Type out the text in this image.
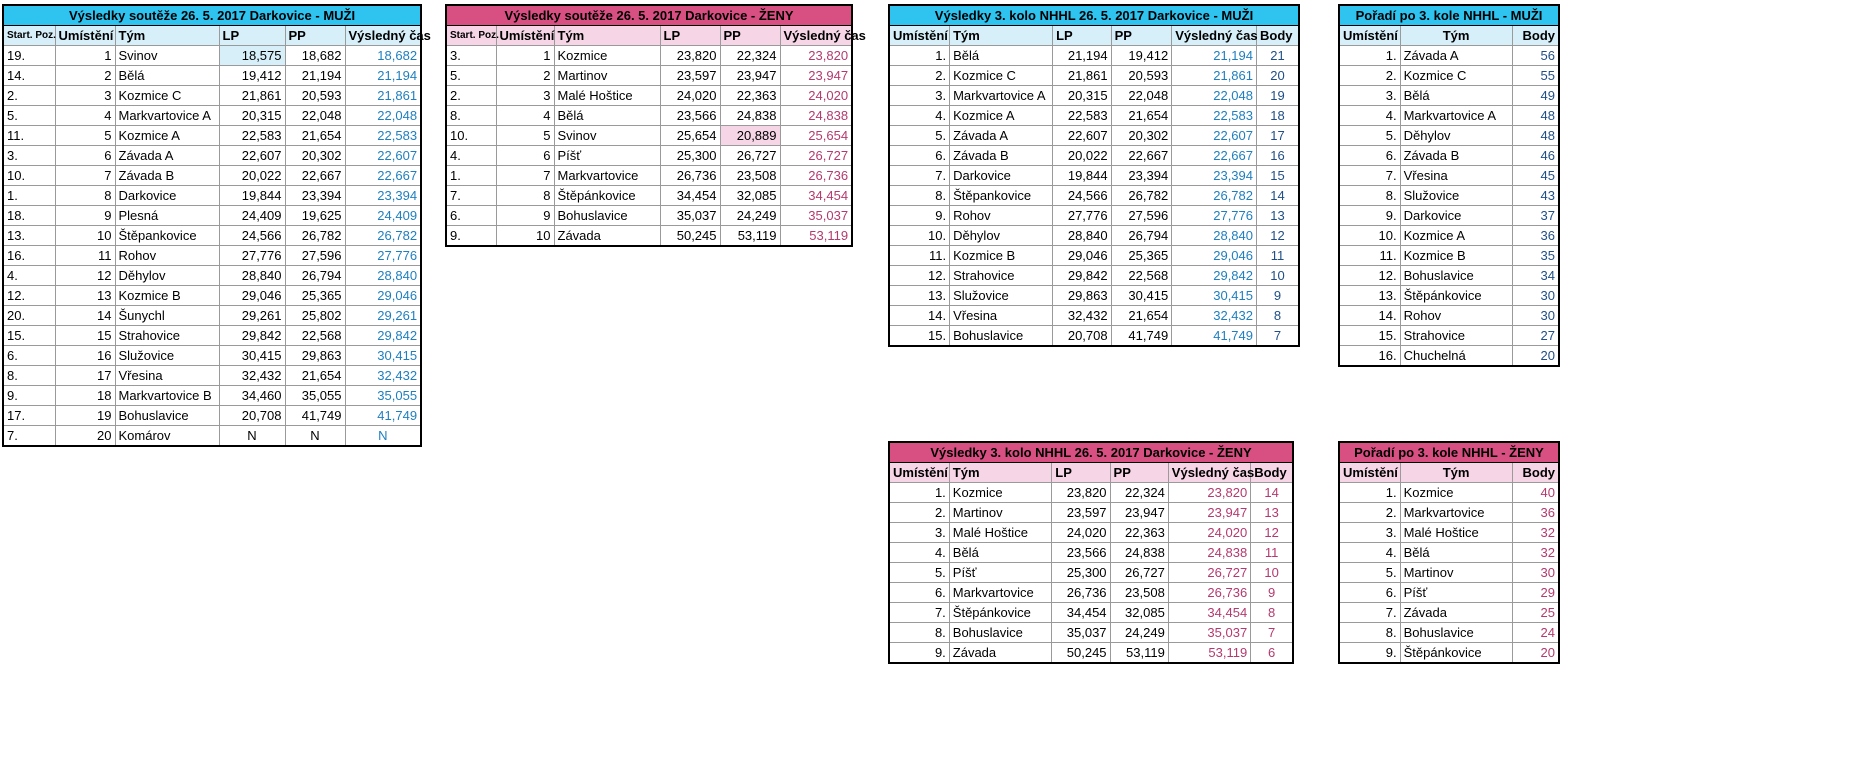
Výsledky soutěže 26. 5. 2017 Darkovice - MUŽI					
Start. Poz.	Umístění	Tým	LP	PP	Výsledný čas
19.	1	Svinov	18,575	18,682	18,682
14.	2	Bělá	19,412	21,194	21,194
2.	3	Kozmice C	21,861	20,593	21,861
5.	4	Markvartovice A	20,315	22,048	22,048
11.	5	Kozmice A	22,583	21,654	22,583
3.	6	Závada A	22,607	20,302	22,607
10.	7	Závada B	20,022	22,667	22,667
1.	8	Darkovice	19,844	23,394	23,394
18.	9	Plesná	24,409	19,625	24,409
13.	10	Štěpankovice	24,566	26,782	26,782
16.	11	Rohov	27,776	27,596	27,776
4.	12	Děhylov	28,840	26,794	28,840
12.	13	Kozmice B	29,046	25,365	29,046
20.	14	Šunychl	29,261	25,802	29,261
15.	15	Strahovice	29,842	22,568	29,842
6.	16	Služovice	30,415	29,863	30,415
8.	17	Vřesina	32,432	21,654	32,432
9.	18	Markvartovice B	34,460	35,055	35,055
17.	19	Bohuslavice	20,708	41,749	41,749
7.	20	Komárov	N	N	N
Výsledky soutěže 26. 5. 2017 Darkovice - ŽENY					
Start. Poz.	Umístění	Tým	LP	PP	Výsledný čas
3.	1	Kozmice	23,820	22,324	23,820
5.	2	Martinov	23,597	23,947	23,947
2.	3	Malé Hoštice	24,020	22,363	24,020
8.	4	Bělá	23,566	24,838	24,838
10.	5	Svinov	25,654	20,889	25,654
4.	6	Píšť	25,300	26,727	26,727
1.	7	Markvartovice	26,736	23,508	26,736
7.	8	Štěpánkovice	34,454	32,085	34,454
6.	9	Bohuslavice	35,037	24,249	35,037
9.	10	Závada	50,245	53,119	53,119
Výsledky 3. kolo NHHL 26. 5. 2017 Darkovice - MUŽI					
Umístění	Tým	LP	PP	Výsledný čas	Body
1.	Bělá	21,194	19,412	21,194	21
2.	Kozmice C	21,861	20,593	21,861	20
3.	Markvartovice A	20,315	22,048	22,048	19
4.	Kozmice A	22,583	21,654	22,583	18
5.	Závada A	22,607	20,302	22,607	17
6.	Závada B	20,022	22,667	22,667	16
7.	Darkovice	19,844	23,394	23,394	15
8.	Štěpankovice	24,566	26,782	26,782	14
9.	Rohov	27,776	27,596	27,776	13
10.	Děhylov	28,840	26,794	28,840	12
11.	Kozmice B	29,046	25,365	29,046	11
12.	Strahovice	29,842	22,568	29,842	10
13.	Služovice	29,863	30,415	30,415	9
14.	Vřesina	32,432	21,654	32,432	8
15.	Bohuslavice	20,708	41,749	41,749	7
Pořadí po 3. kole NHHL - MUŽI		
Umístění	Tým	Body
1.	Závada A	56
2.	Kozmice C	55
3.	Bělá	49
4.	Markvartovice A	48
5.	Děhylov	48
6.	Závada B	46
7.	Vřesina	45
8.	Služovice	43
9.	Darkovice	37
10.	Kozmice A	36
11.	Kozmice B	35
12.	Bohuslavice	34
13.	Štěpánkovice	30
14.	Rohov	30
15.	Strahovice	27
16.	Chuchelná	20
Výsledky 3. kolo NHHL 26. 5. 2017 Darkovice - ŽENY					
Umístění	Tým	LP	PP	Výsledný čas	Body
1.	Kozmice	23,820	22,324	23,820	14
2.	Martinov	23,597	23,947	23,947	13
3.	Malé Hoštice	24,020	22,363	24,020	12
4.	Bělá	23,566	24,838	24,838	11
5.	Píšť	25,300	26,727	26,727	10
6.	Markvartovice	26,736	23,508	26,736	9
7.	Štěpánkovice	34,454	32,085	34,454	8
8.	Bohuslavice	35,037	24,249	35,037	7
9.	Závada	50,245	53,119	53,119	6
Pořadí po 3. kole NHHL - ŽENY		
Umístění	Tým	Body
1.	Kozmice	40
2.	Markvartovice	36
3.	Malé Hoštice	32
4.	Bělá	32
5.	Martinov	30
6.	Píšť	29
7.	Závada	25
8.	Bohuslavice	24
9.	Štěpánkovice	20
